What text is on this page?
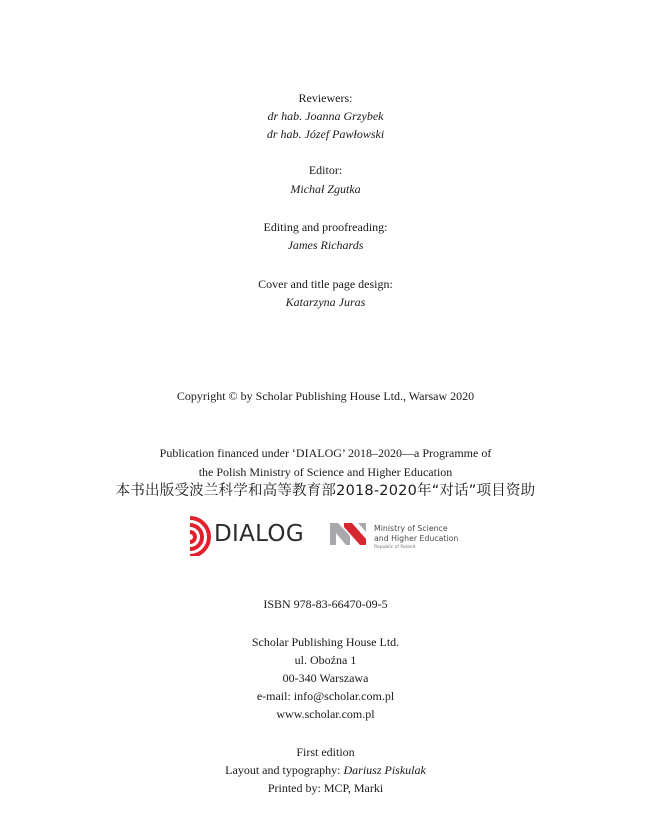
Reviewers:
dr hab. Joanna Grzybek
dr hab. Józef Pawłowski
Editor:
Michał Zgutka
Editing and proofreading:
James Richards
Cover and title page design:
Katarzyna Juras
Copyright © by Scholar Publishing House Ltd., Warsaw 2020
Publication financed under ‘DIALOG’ 2018–2020—a Programme of
the Polish Ministry of Science and Higher Education
本书出版受波兰科学和高等教育部2018-2020年“对话”项目资助
DIALOG	Ministry of Science
and Higher Education
Republic of Poland
ISBN 978-83-66470-09-5
Scholar Publishing House Ltd.
ul. Oboźna 1
00-340 Warszawa
e-mail: info@scholar.com.pl
www.scholar.com.pl
First edition
Layout and typography: Dariusz Piskulak
Printed by: MCP, Marki
